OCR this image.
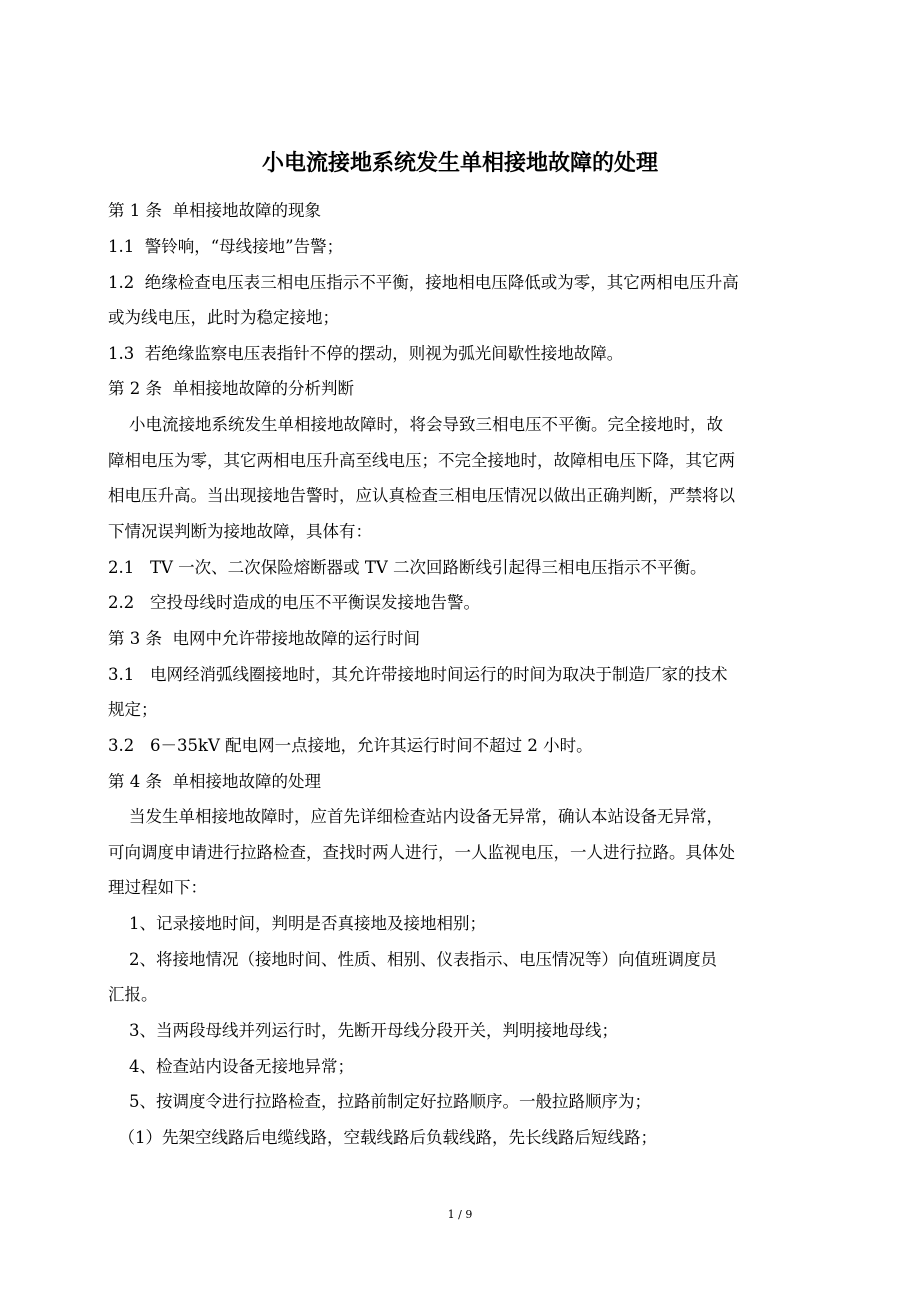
小电流接地系统发生单相接地故障的处理
第 1 条  单相接地故障的现象
1.1  警铃响，“母线接地”告警；
1.2  绝缘检查电压表三相电压指示不平衡，接地相电压降低或为零，其它两相电压升高
或为线电压，此时为稳定接地；
1.3  若绝缘监察电压表指针不停的摆动，则视为弧光间歇性接地故障。
第 2 条  单相接地故障的分析判断
小电流接地系统发生单相接地故障时，将会导致三相电压不平衡。完全接地时，故
障相电压为零，其它两相电压升高至线电压；不完全接地时，故障相电压下降，其它两
相电压升高。当出现接地告警时，应认真检查三相电压情况以做出正确判断，严禁将以
下情况误判断为接地故障，具体有：
2.1   TV 一次、二次保险熔断器或 TV 二次回路断线引起得三相电压指示不平衡。
2.2   空投母线时造成的电压不平衡误发接地告警。
第 3 条  电网中允许带接地故障的运行时间
3.1   电网经消弧线圈接地时，其允许带接地时间运行的时间为取决于制造厂家的技术
规定；
3.2   6－35kV 配电网一点接地，允许其运行时间不超过 2 小时。
第 4 条  单相接地故障的处理
当发生单相接地故障时，应首先详细检查站内设备无异常，确认本站设备无异常，
可向调度申请进行拉路检查，查找时两人进行，一人监视电压，一人进行拉路。具体处
理过程如下：
1、记录接地时间，判明是否真接地及接地相别；
2、将接地情况（接地时间、性质、相别、仪表指示、电压情况等）向值班调度员
汇报。
3、当两段母线并列运行时，先断开母线分段开关，判明接地母线；
4、检查站内设备无接地异常；
5、按调度令进行拉路检查，拉路前制定好拉路顺序。一般拉路顺序为；
（1）先架空线路后电缆线路，空载线路后负载线路，先长线路后短线路；
1 / 9
